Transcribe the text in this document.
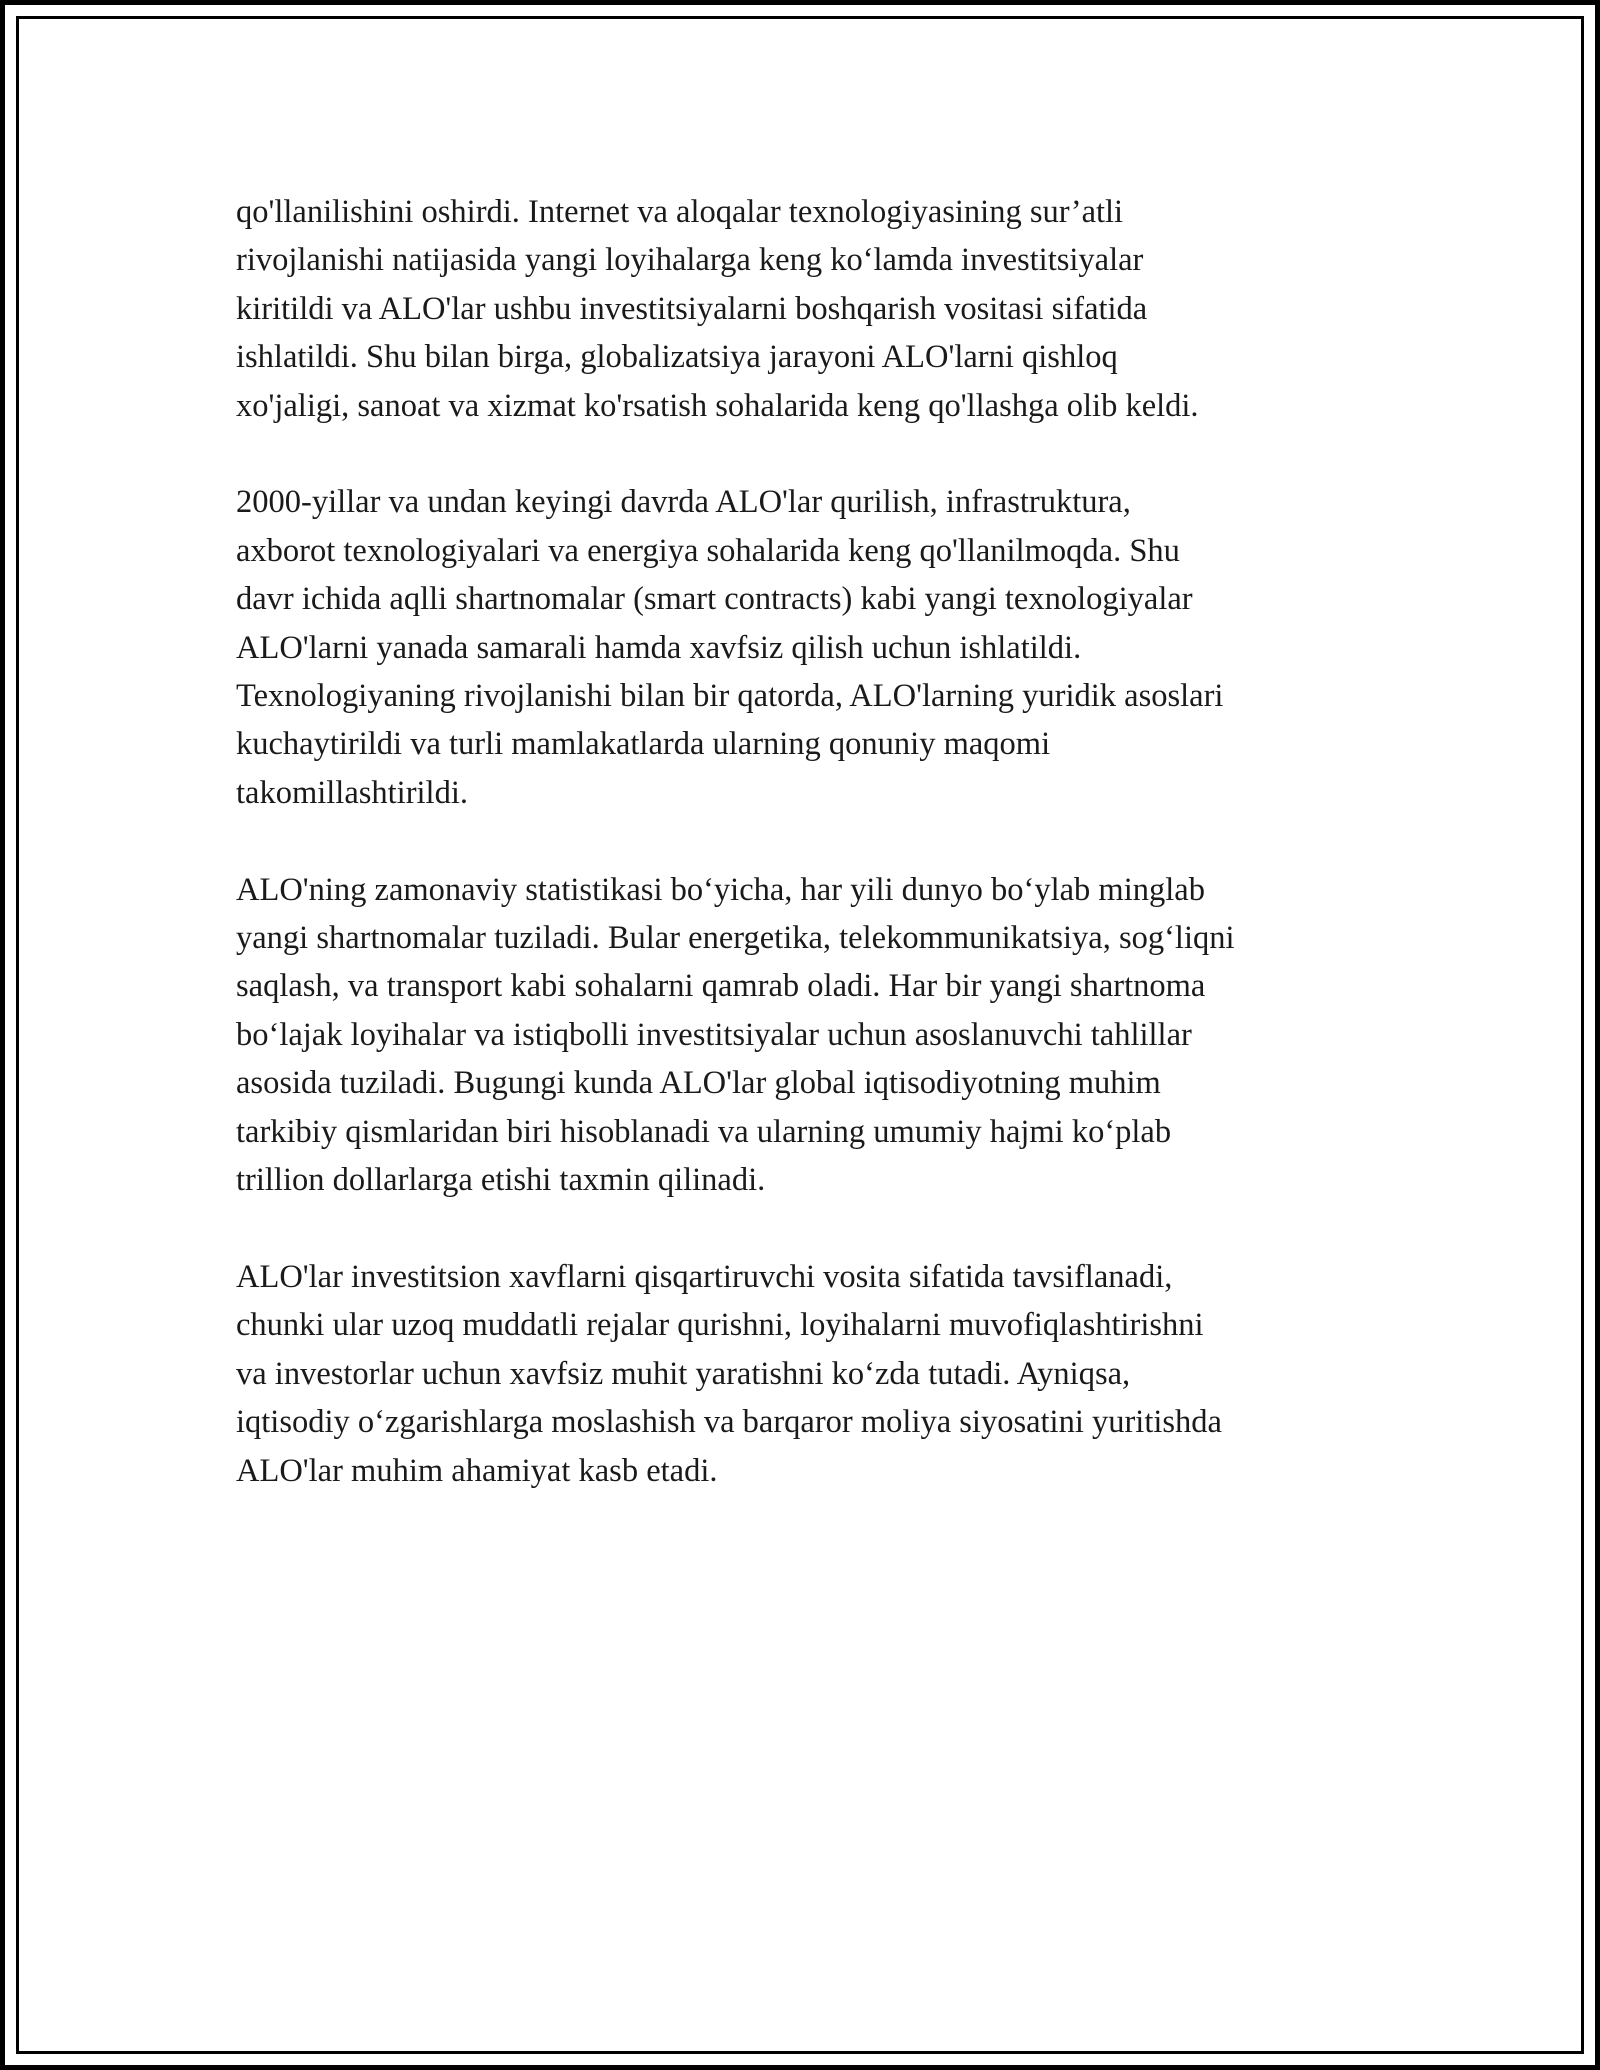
qo'llanilishini oshirdi. Internet va aloqalar texnologiyasining sur’atli
rivojlanishi natijasida yangi loyihalarga keng ko‘lamda investitsiyalar
kiritildi va ALO'lar ushbu investitsiyalarni boshqarish vositasi sifatida
ishlatildi. Shu bilan birga, globalizatsiya jarayoni ALO'larni qishloq
xo'jaligi, sanoat va xizmat ko'rsatish sohalarida keng qo'llashga olib keldi.

2000-yillar va undan keyingi davrda ALO'lar qurilish, infrastruktura,
axborot texnologiyalari va energiya sohalarida keng qo'llanilmoqda. Shu
davr ichida aqlli shartnomalar (smart contracts) kabi yangi texnologiyalar
ALO'larni yanada samarali hamda xavfsiz qilish uchun ishlatildi.
Texnologiyaning rivojlanishi bilan bir qatorda, ALO'larning yuridik asoslari
kuchaytirildi va turli mamlakatlarda ularning qonuniy maqomi
takomillashtirildi.

ALO'ning zamonaviy statistikasi bo‘yicha, har yili dunyo bo‘ylab minglab
yangi shartnomalar tuziladi. Bular energetika, telekommunikatsiya, sog‘liqni
saqlash, va transport kabi sohalarni qamrab oladi. Har bir yangi shartnoma
bo‘lajak loyihalar va istiqbolli investitsiyalar uchun asoslanuvchi tahlillar
asosida tuziladi. Bugungi kunda ALO'lar global iqtisodiyotning muhim
tarkibiy qismlaridan biri hisoblanadi va ularning umumiy hajmi ko‘plab
trillion dollarlarga etishi taxmin qilinadi.

ALO'lar investitsion xavflarni qisqartiruvchi vosita sifatida tavsiflanadi,
chunki ular uzoq muddatli rejalar qurishni, loyihalarni muvofiqlashtirishni
va investorlar uchun xavfsiz muhit yaratishni ko‘zda tutadi. Ayniqsa,
iqtisodiy o‘zgarishlarga moslashish va barqaror moliya siyosatini yuritishda
ALO'lar muhim ahamiyat kasb etadi.
